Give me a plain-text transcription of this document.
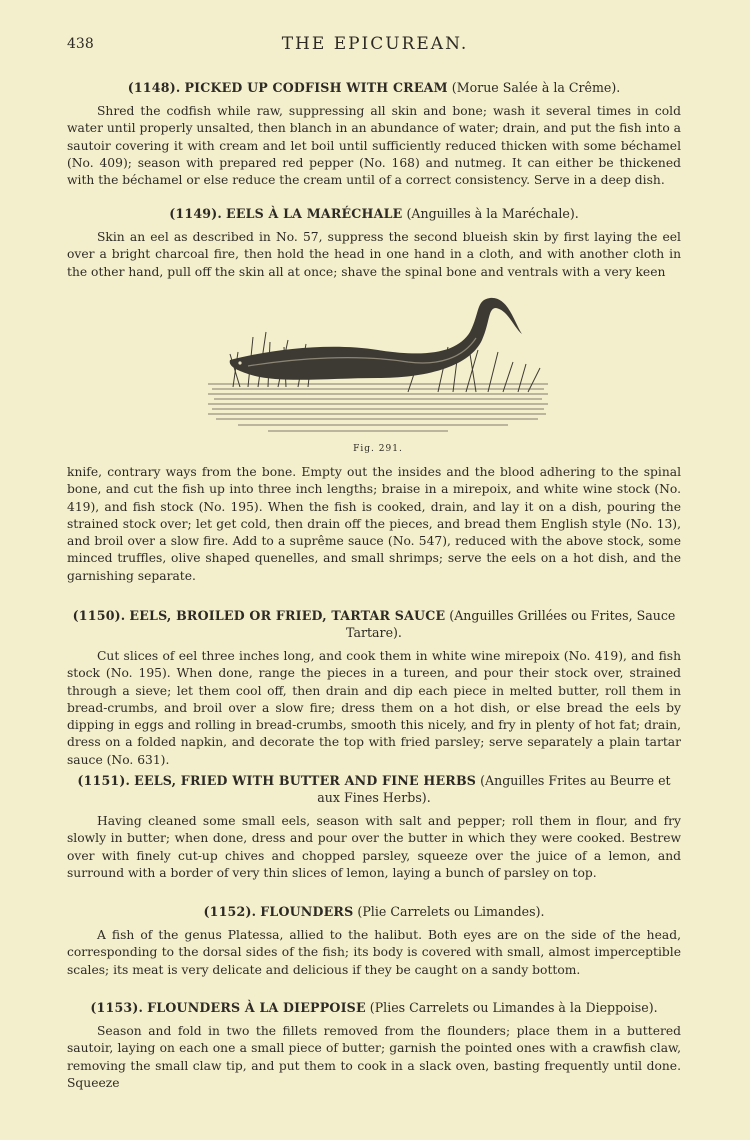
438	THE EPICUREAN.
(1148). PICKED UP CODFISH WITH CREAM (Morue Salée à la Crême).

Shred the codfish while raw, suppressing all skin and bone; wash it several times in cold water until properly unsalted, then blanch in an abundance of water; drain, and put the fish into a sautoir covering it with cream and let boil until sufficiently reduced thicken with some béchamel (No. 409); season with prepared red pepper (No. 168) and nutmeg. It can either be thickened with the béchamel or else reduce the cream until of a correct consistency. Serve in a deep dish.

(1149). EELS À LA MARÉCHALE (Anguilles à la Maréchale).

Skin an eel as described in No. 57, suppress the second blueish skin by first laying the eel over a bright charcoal fire, then hold the head in one hand in a cloth, and with another cloth in the other hand, pull off the skin all at once; shave the spinal bone and ventrals with a very keen

Fig. 291.

knife, contrary ways from the bone. Empty out the insides and the blood adhering to the spinal bone, and cut the fish up into three inch lengths; braise in a mirepoix, and white wine stock (No. 419), and fish stock (No. 195). When the fish is cooked, drain, and lay it on a dish, pouring the strained stock over; let get cold, then drain off the pieces, and bread them English style (No. 13), and broil over a slow fire. Add to a suprême sauce (No. 547), reduced with the above stock, some minced truffles, olive shaped quenelles, and small shrimps; serve the eels on a hot dish, and the garnishing separate.

(1150). EELS, BROILED OR FRIED, TARTAR SAUCE (Anguilles Grillées ou Frites, Sauce Tartare).

Cut slices of eel three inches long, and cook them in white wine mirepoix (No. 419), and fish stock (No. 195). When done, range the pieces in a tureen, and pour their stock over, strained through a sieve; let them cool off, then drain and dip each piece in melted butter, roll them in bread-crumbs, and broil over a slow fire; dress them on a hot dish, or else bread the eels by dipping in eggs and rolling in bread-crumbs, smooth this nicely, and fry in plenty of hot fat; drain, dress on a folded napkin, and decorate the top with fried parsley; serve separately a plain tartar sauce (No. 631).

(1151). EELS, FRIED WITH BUTTER AND FINE HERBS (Anguilles Frites au Beurre et aux Fines Herbs).

Having cleaned some small eels, season with salt and pepper; roll them in flour, and fry slowly in butter; when done, dress and pour over the butter in which they were cooked. Bestrew over with finely cut-up chives and chopped parsley, squeeze over the juice of a lemon, and surround with a border of very thin slices of lemon, laying a bunch of parsley on top.

(1152). FLOUNDERS (Plie Carrelets ou Limandes).

A fish of the genus Platessa, allied to the halibut. Both eyes are on the side of the head, corresponding to the dorsal sides of the fish; its body is covered with small, almost imperceptible scales; its meat is very delicate and delicious if they be caught on a sandy bottom.

(1153). FLOUNDERS À LA DIEPPOISE (Plies Carrelets ou Limandes à la Dieppoise).

Season and fold in two the fillets removed from the flounders; place them in a buttered sautoir, laying on each one a small piece of butter; garnish the pointed ones with a crawfish claw, removing the small claw tip, and put them to cook in a slack oven, basting frequently until done. Squeeze
